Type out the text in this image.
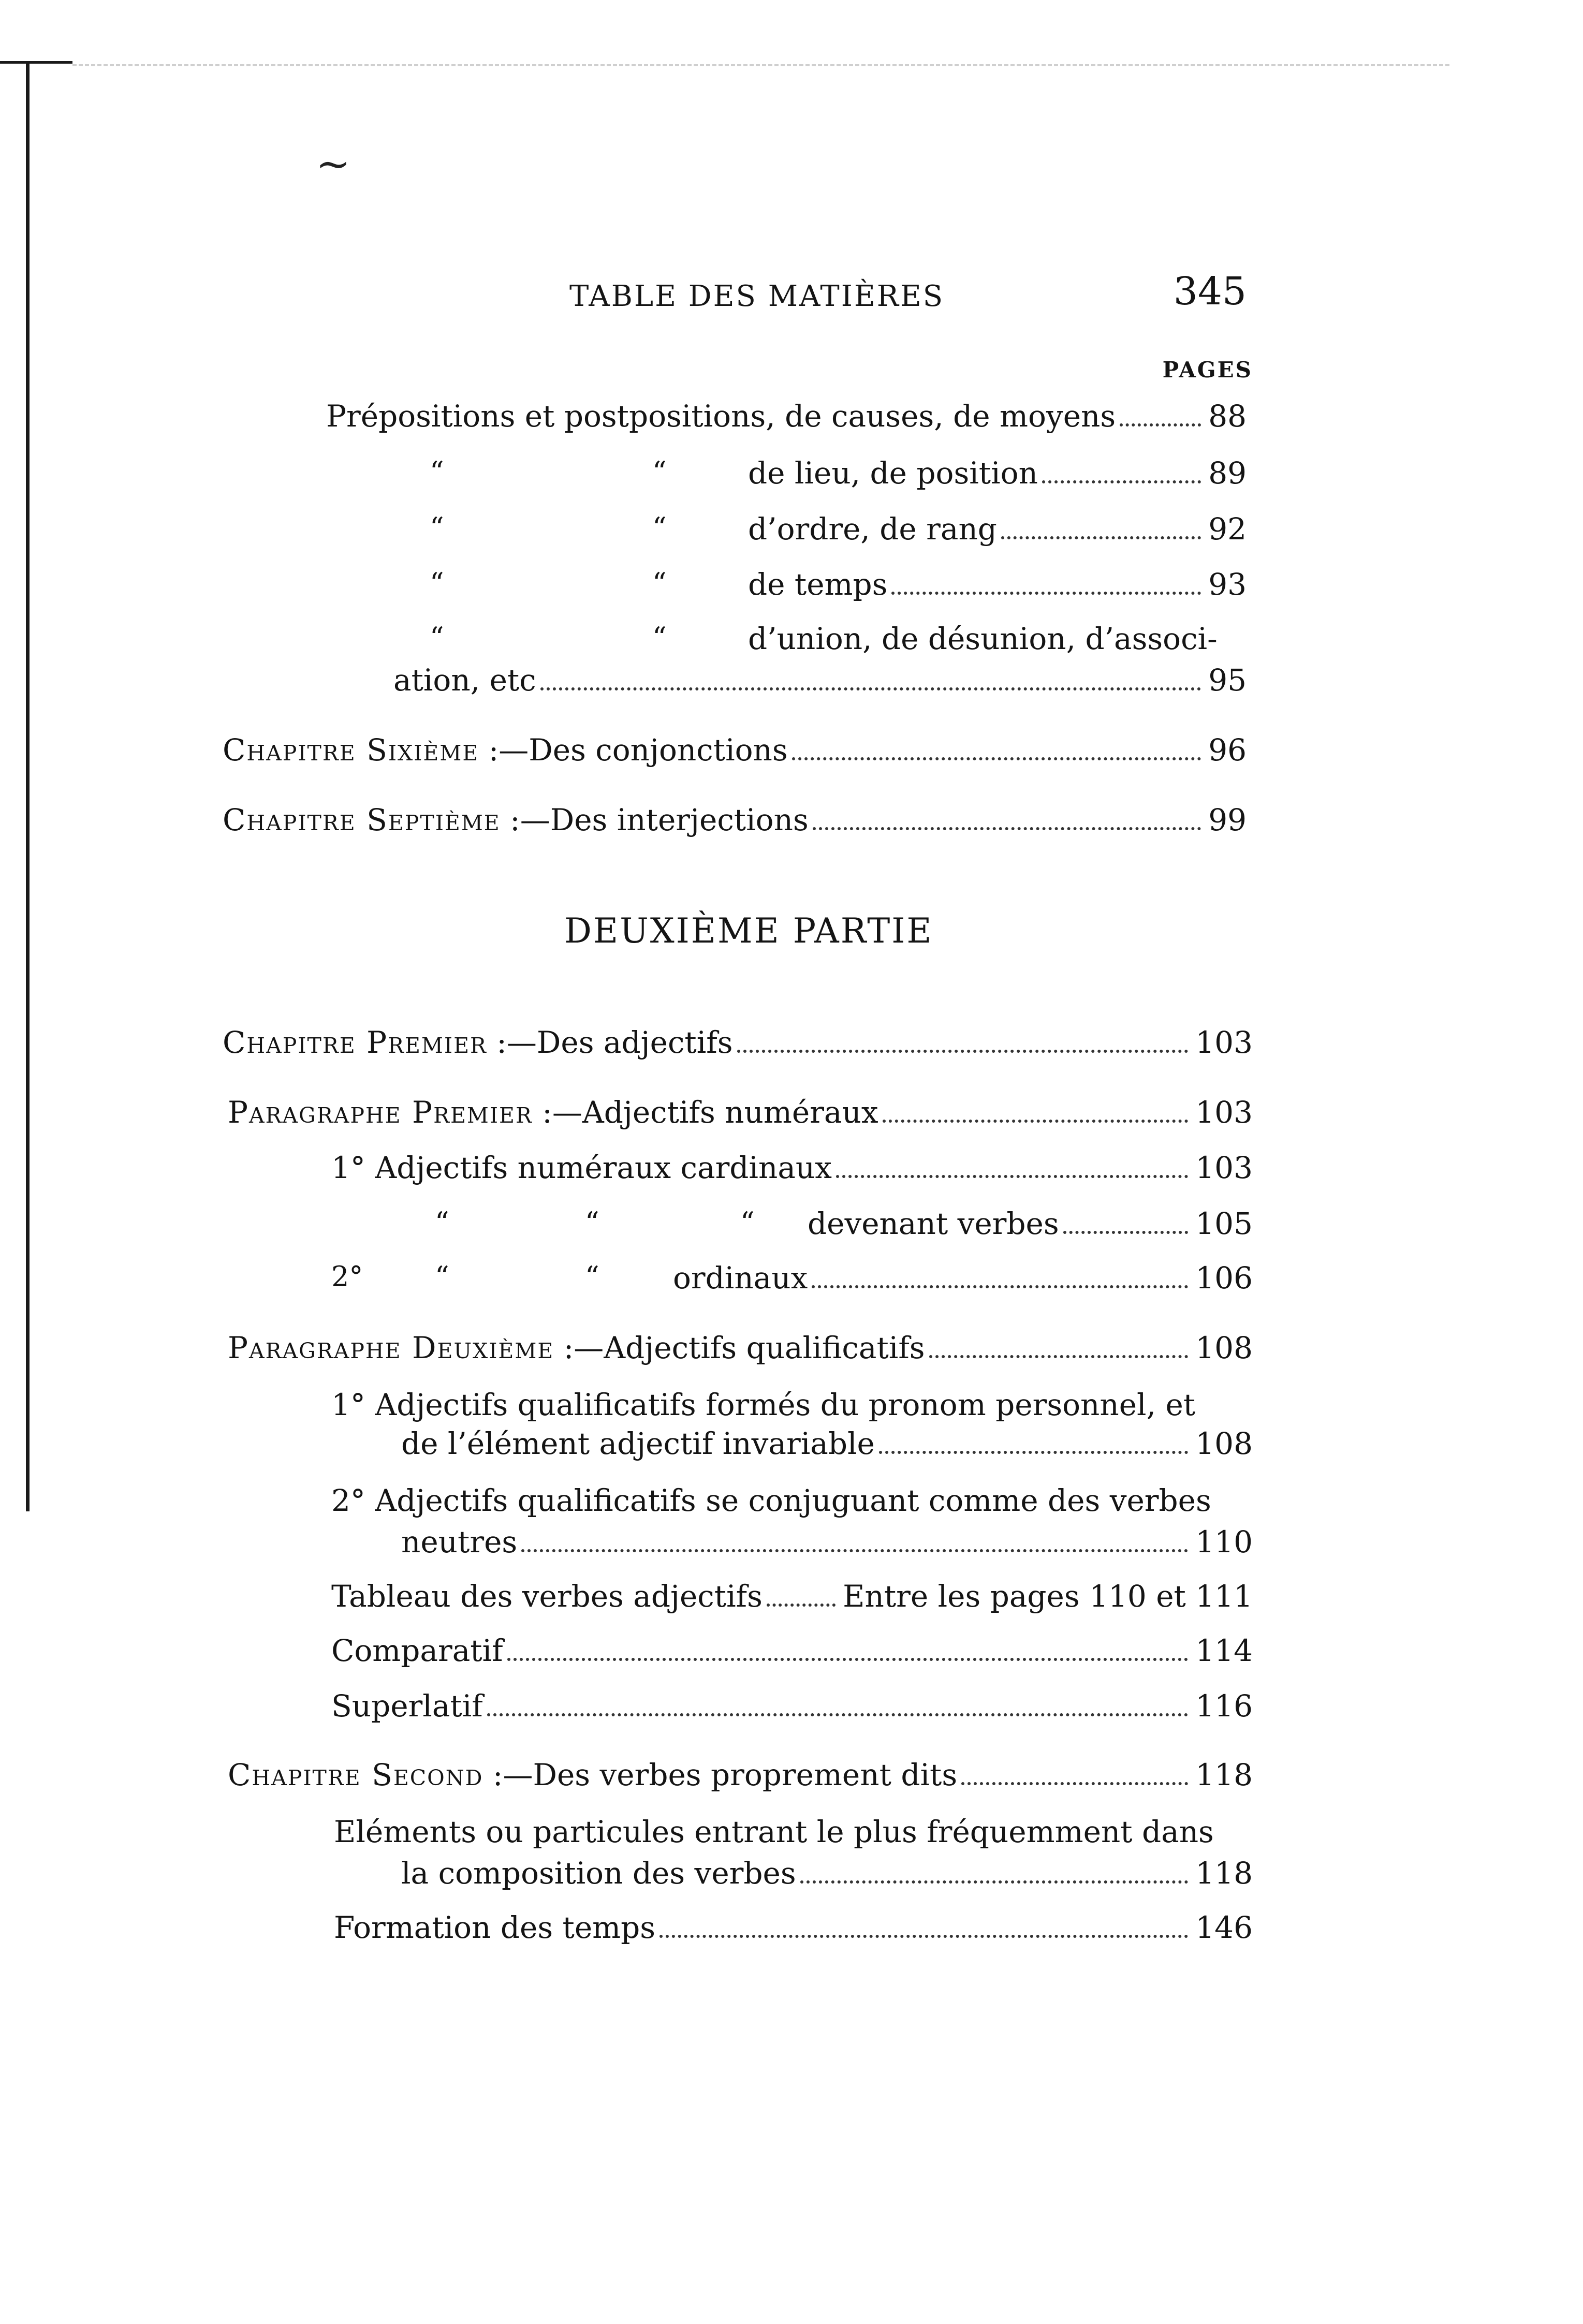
~
TABLE DES MATIÈRES	345
PAGES
Prépositions et postpositions, de causes, de moyens	88
“	“	de lieu, de position	89
“	“	d’ordre, de rang	92
“	“	de temps	93
“	“	d’union, de désunion, d’associ-
ation, etc	95
Chapitre Sixième :—Des conjonctions	96
Chapitre Septième :—Des interjections	99
DEUXIÈME PARTIE
Chapitre Premier :—Des adjectifs	103
Paragraphe Premier :—Adjectifs numéraux	103
1° Adjectifs numéraux cardinaux	103
“	“	“ devenant verbes	105
2°	“	“ ordinaux	106
Paragraphe Deuxième :—Adjectifs qualificatifs	108
1° Adjectifs qualificatifs formés du pronom personnel, et
de l’élément adjectif invariable	108
2° Adjectifs qualificatifs se conjuguant comme des verbes
neutres	110
Tableau des verbes adjectifs	Entre les pages 110 et 111
Comparatif	114
Superlatif	116
Chapitre Second :—Des verbes proprement dits	118
Eléments ou particules entrant le plus fréquemment dans
la composition des verbes	118
Formation des temps	146
